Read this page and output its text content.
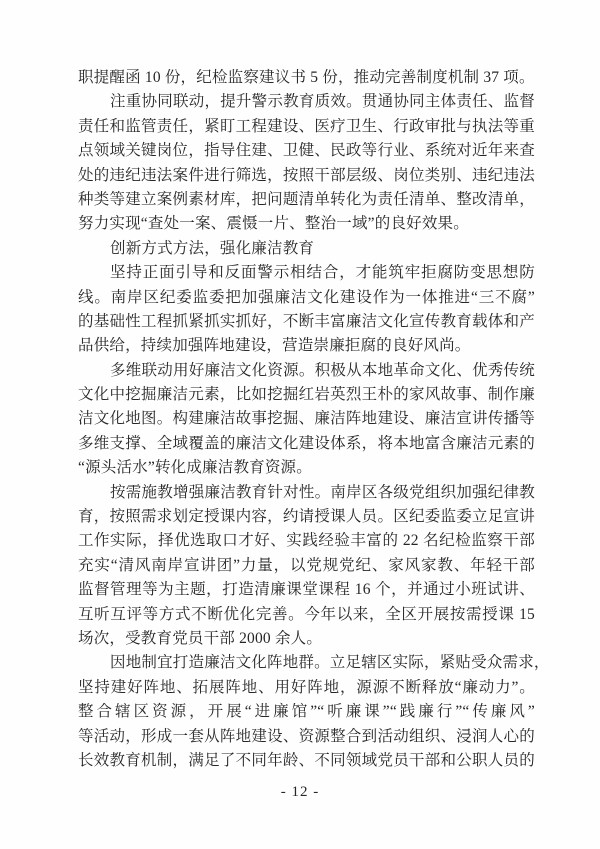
职提醒函 10 份，纪检监察建议书 5 份，推动完善制度机制 37 项。
注重协同联动，提升警示教育质效。贯通协同主体责任、监督
责任和监管责任，紧盯工程建设、医疗卫生、行政审批与执法等重
点领域关键岗位，指导住建、卫健、民政等行业、系统对近年来查
处的违纪违法案件进行筛选，按照干部层级、岗位类别、违纪违法
种类等建立案例素材库，把问题清单转化为责任清单、整改清单，
努力实现“查处一案、震慑一片、整治一域”的良好效果。
创新方式方法，强化廉洁教育
坚持正面引导和反面警示相结合，才能筑牢拒腐防变思想防
线。南岸区纪委监委把加强廉洁文化建设作为一体推进“三不腐”
的基础性工程抓紧抓实抓好，不断丰富廉洁文化宣传教育载体和产
品供给，持续加强阵地建设，营造崇廉拒腐的良好风尚。
多维联动用好廉洁文化资源。积极从本地革命文化、优秀传统
文化中挖掘廉洁元素，比如挖掘红岩英烈王朴的家风故事、制作廉
洁文化地图。构建廉洁故事挖掘、廉洁阵地建设、廉洁宣讲传播等
多维支撑、全域覆盖的廉洁文化建设体系，将本地富含廉洁元素的
“源头活水”转化成廉洁教育资源。
按需施教增强廉洁教育针对性。南岸区各级党组织加强纪律教
育，按照需求划定授课内容，约请授课人员。区纪委监委立足宣讲
工作实际，择优选取口才好、实践经验丰富的 22 名纪检监察干部
充实“清风南岸宣讲团”力量，以党规党纪、家风家教、年轻干部
监督管理等为主题，打造清廉课堂课程 16 个，并通过小班试讲、
互听互评等方式不断优化完善。今年以来，全区开展按需授课 15
场次，受教育党员干部 2000 余人。
因地制宜打造廉洁文化阵地群。立足辖区实际，紧贴受众需求，
坚持建好阵地、拓展阵地、用好阵地，源源不断释放“廉动力”。
整合辖区资源，开展“进廉馆”“听廉课”“践廉行”“传廉风”
等活动，形成一套从阵地建设、资源整合到活动组织、浸润人心的
长效教育机制，满足了不同年龄、不同领域党员干部和公职人员的
- 12 -
